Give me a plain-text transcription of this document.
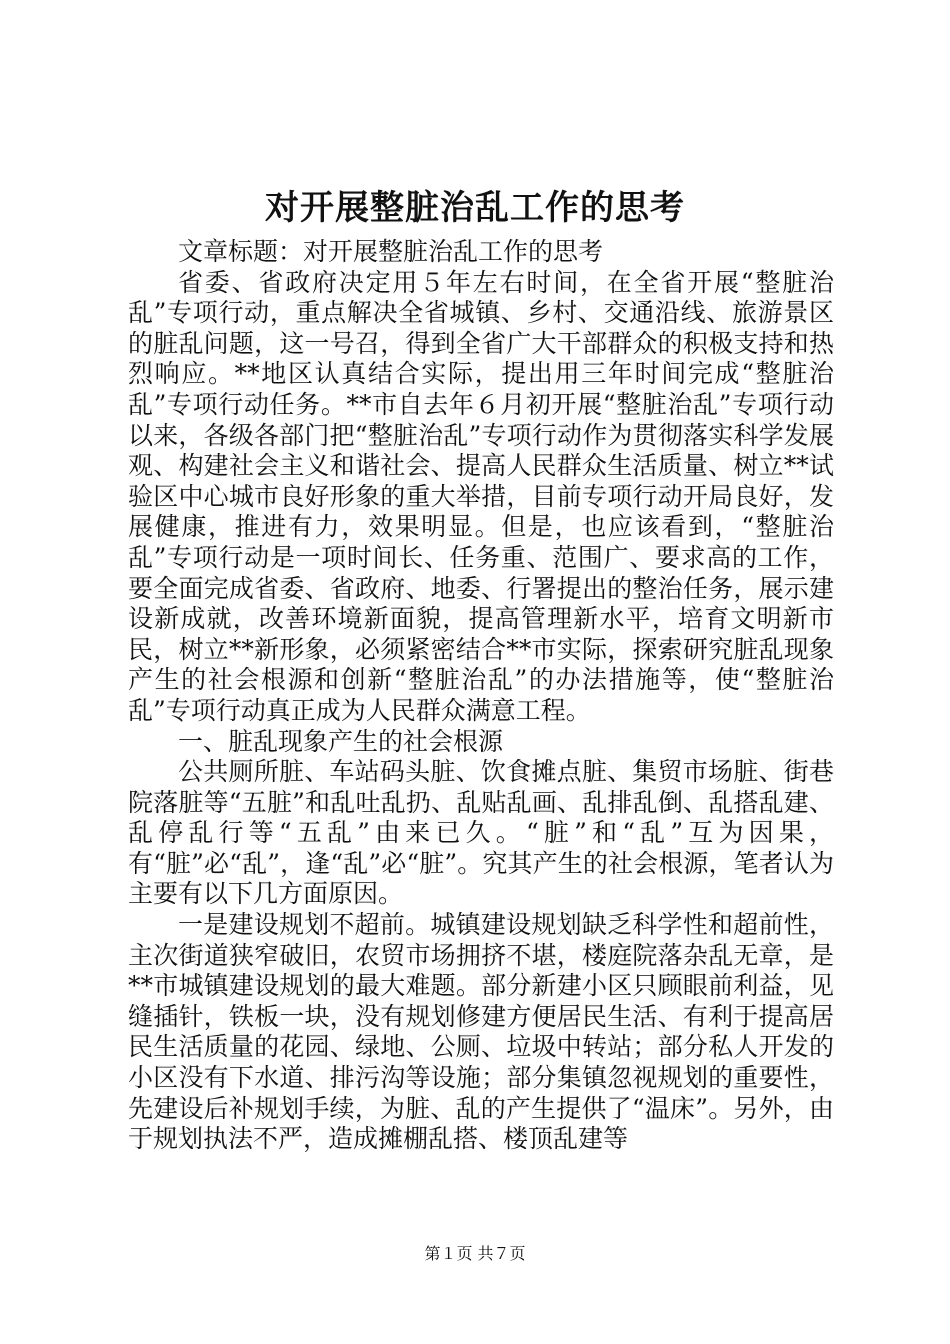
对开展整脏治乱工作的思考

文章标题：对开展整脏治乱工作的思考

省委、省政府决定用５年左右时间，在全省开展“整脏治乱”专项行动，重点解决全省城镇、乡村、交通沿线、旅游景区的脏乱问题，这一号召，得到全省广大干部群众的积极支持和热烈响应。**地区认真结合实际，提出用三年时间完成“整脏治乱”专项行动任务。**市自去年６月初开展“整脏治乱”专项行动以来，各级各部门把“整脏治乱”专项行动作为贯彻落实科学发展观、构建社会主义和谐社会、提高人民群众生活质量、树立**试验区中心城市良好形象的重大举措，目前专项行动开局良好，发展健康，推进有力，效果明显。但是，也应该看到，“整脏治乱”专项行动是一项时间长、任务重、范围广、要求高的工作，要全面完成省委、省政府、地委、行署提出的整治任务，展示建设新成就，改善环境新面貌，提高管理新水平，培育文明新市民，树立**新形象，必须紧密结合**市实际，探索研究脏乱现象产生的社会根源和创新“整脏治乱”的办法措施等，使“整脏治乱”专项行动真正成为人民群众满意工程。

一、脏乱现象产生的社会根源

公共厕所脏、车站码头脏、饮食摊点脏、集贸市场脏、街巷院落脏等“五脏”和乱吐乱扔、乱贴乱画、乱排乱倒、乱搭乱建、乱停乱行等“五乱”由来已久。“脏”和“乱”互为因果，有“脏”必“乱”，逢“乱”必“脏”。究其产生的社会根源，笔者认为主要有以下几方面原因。

一是建设规划不超前。城镇建设规划缺乏科学性和超前性，主次街道狭窄破旧，农贸市场拥挤不堪，楼庭院落杂乱无章，是**市城镇建设规划的最大难题。部分新建小区只顾眼前利益，见缝插针，铁板一块，没有规划修建方便居民生活、有利于提高居民生活质量的花园、绿地、公厕、垃圾中转站；部分私人开发的小区没有下水道、排污沟等设施；部分集镇忽视规划的重要性，先建设后补规划手续，为脏、乱的产生提供了“温床”。另外，由于规划执法不严，造成摊棚乱搭、楼顶乱建等

第１页 共７页
